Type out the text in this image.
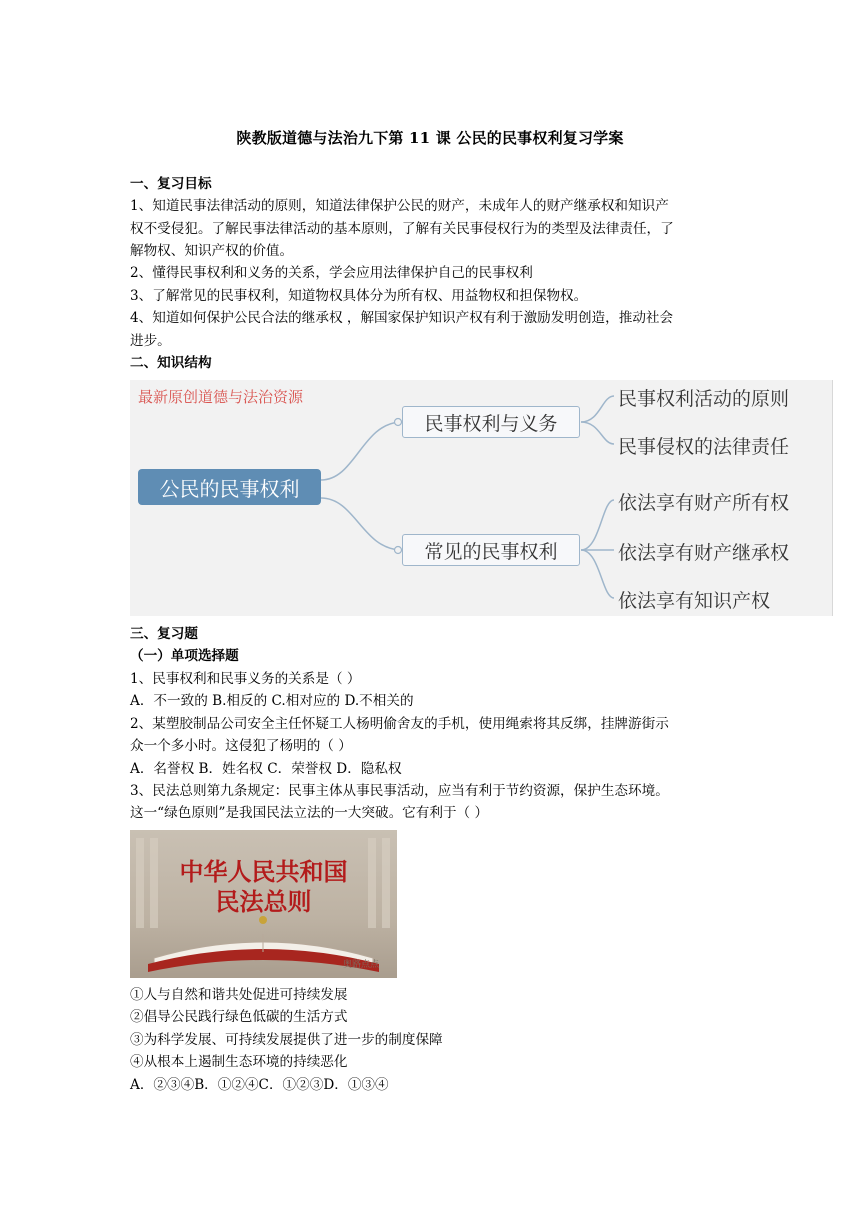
陕教版道德与法治九下第 11 课 公民的民事权利复习学案
一、复习目标
1、知道民事法律活动的原则，知道法律保护公民的财产，未成年人的财产继承权和知识产
权不受侵犯。了解民事法律活动的基本原则，了解有关民事侵权行为的类型及法律责任，了
解物权、知识产权的价值。
2、懂得民事权利和义务的关系，学会应用法律保护自己的民事权利
3、了解常见的民事权利，知道物权具体分为所有权、用益物权和担保物权。
4、知道如何保护公民合法的继承权 ，解国家保护知识产权有利于激励发明创造，推动社会
进步。
二、知识结构
最新原创道德与法治资源
公民的民事权利
民事权利与义务
常见的民事权利
民事权利活动的原则
民事侵权的法律责任
依法享有财产所有权
依法享有财产继承权
依法享有知识产权
三、复习题
（一）单项选择题
1、民事权利和民事义务的关系是（ ）
A．不一致的 B.相反的 C.相对应的 D.不相关的
2、某塑胶制品公司安全主任怀疑工人杨明偷舍友的手机，使用绳索将其反绑，挂牌游街示
众一个多小时。这侵犯了杨明的（ ）
A．名誉权 B．姓名权 C．荣誉权 D．隐私权
3、民法总则第九条规定：民事主体从事民事活动，应当有利于节约资源，保护生态环境。
这一“绿色原则”是我国民法立法的一大突破。它有利于（ ）
中华人民共和国
民法总则
奥路点点
①人与自然和谐共处促进可持续发展
②倡导公民践行绿色低碳的生活方式
③为科学发展、可持续发展提供了进一步的制度保障
④从根本上遏制生态环境的持续恶化
A．②③④B．①②④C．①②③D．①③④
